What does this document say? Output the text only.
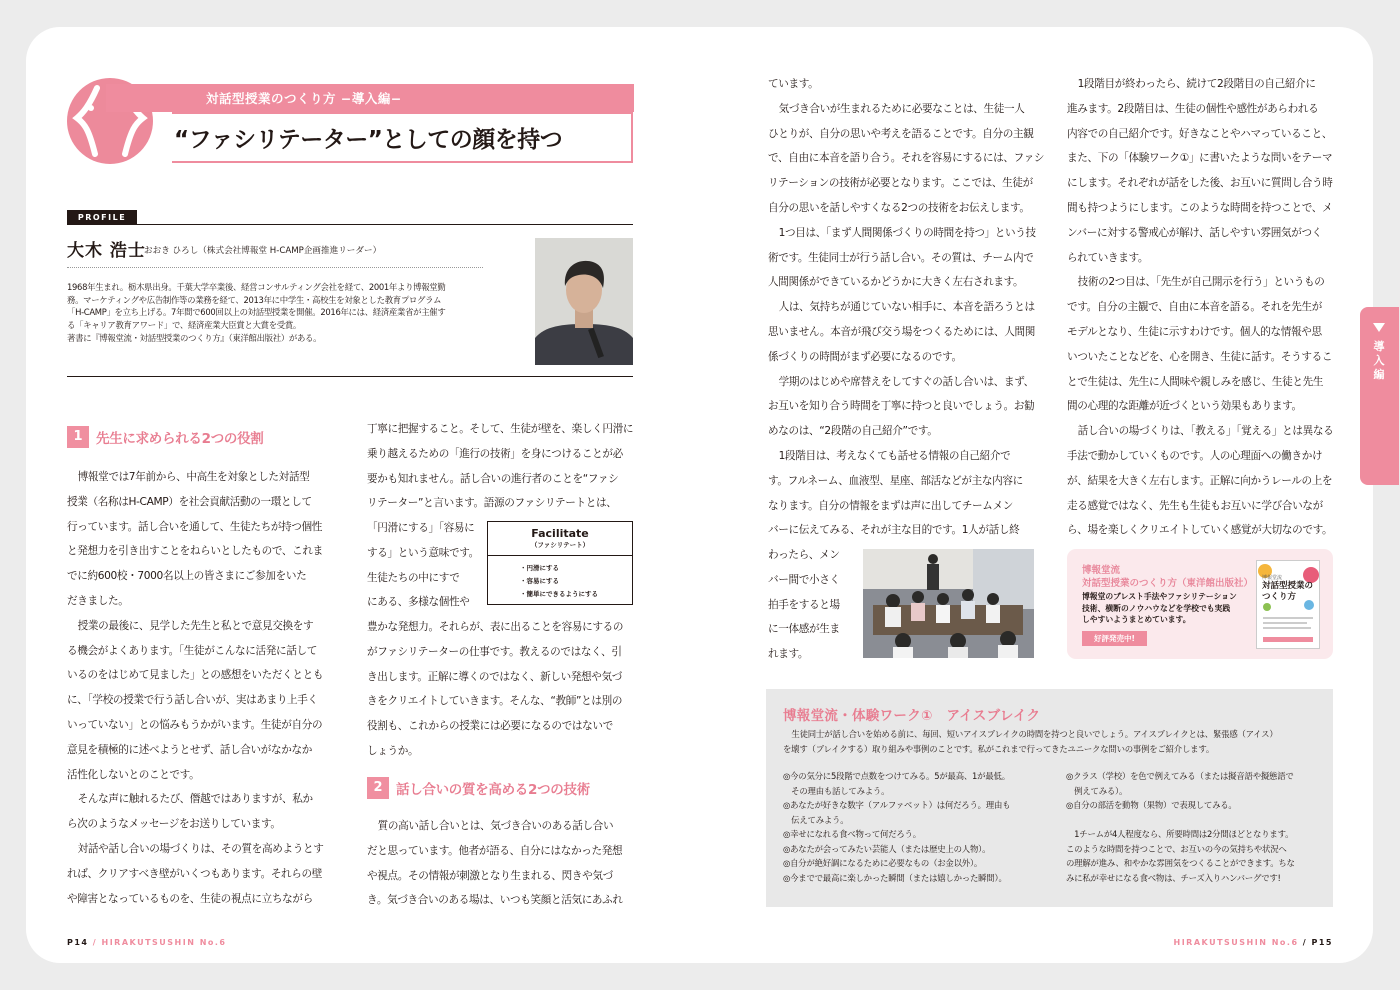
対話型授業のつくり方 −導入編−
“ファシリテーター”としての顔を持つ
PROFILE
大木 浩士
おおき ひろし（株式会社博報堂 H-CAMP企画推進リーダー）
1968年生まれ。栃木県出身。千葉大学卒業後、経営コンサルティング会社を経て、2001年より博報堂勤
務。マーケティングや広告制作等の業務を経て、2013年に中学生・高校生を対象とした教育プログラム
「H-CAMP」を立ち上げる。7年間で600回以上の対話型授業を開催。2016年には、経済産業省が主催す
る「キャリア教育アワード」で、経済産業大臣賞と大賞を受賞。
著書に『博報堂流・対話型授業のつくり方』（東洋館出版社）がある。
1 先生に求められる2つの役割

博報堂では7年前から、中高生を対象とした対話型

授業（名称はH-CAMP）を社会貢献活動の一環として

行っています。話し合いを通して、生徒たちが持つ個性

と発想力を引き出すことをねらいとしたもので、これま

でに約600校・7000名以上の皆さまにご参加をいた

だきました。

授業の最後に、見学した先生と私とで意見交換をす

る機会がよくあります。「生徒がこんなに活発に話して

いるのをはじめて見ました」との感想をいただくととも

に、「学校の授業で行う話し合いが、実はあまり上手く

いっていない」との悩みもうかがいます。生徒が自分の

意見を積極的に述べようとせず、話し合いがなかなか

活性化しないとのことです。

そんな声に触れるたび、僭越ではありますが、私か

ら次のようなメッセージをお送りしています。

対話や話し合いの場づくりは、その質を高めようとす

れば、クリアすべき壁がいくつもあります。それらの壁

や障害となっているものを、生徒の視点に立ちながら

丁寧に把握すること。そして、生徒が壁を、楽しく円滑に

乗り越えるための「進行の技術」を身につけることが必

要かも知れません。話し合いの進行者のことを“ファシ

リテーター”と言います。語源のファシリテートとは、

「円滑にする」「容易に

する」という意味です。

生徒たちの中にすで

にある、多様な個性や

Facilitate
（ファシリテート）
・円滑にする
・容易にする
・簡単にできるようにする

豊かな発想力。それらが、表に出ることを容易にするの

がファシリテーターの仕事です。教えるのではなく、引

き出します。正解に導くのではなく、新しい発想や気づ

きをクリエイトしていきます。そんな、“教師”とは別の

役割も、これからの授業には必要になるのではないで

しょうか。

2 話し合いの質を高める2つの技術

質の高い話し合いとは、気づき合いのある話し合い

だと思っています。他者が語る、自分にはなかった発想

や視点。その情報が刺激となり生まれる、閃きや気づ

き。気づき合いのある場は、いつも笑顔と活気にあふれ

ています。

気づき合いが生まれるために必要なことは、生徒一人

ひとりが、自分の思いや考えを語ることです。自分の主観

で、自由に本音を語り合う。それを容易にするには、ファシ

リテーションの技術が必要となります。ここでは、生徒が

自分の思いを話しやすくなる2つの技術をお伝えします。

1つ目は、「まず人間関係づくりの時間を持つ」という技

術です。生徒同士が行う話し合い。その質は、チーム内で

人間関係ができているかどうかに大きく左右されます。

人は、気持ちが通じていない相手に、本音を語ろうとは

思いません。本音が飛び交う場をつくるためには、人間関

係づくりの時間がまず必要になるのです。

学期のはじめや席替えをしてすぐの話し合いは、まず、

お互いを知り合う時間を丁寧に持つと良いでしょう。お勧

めなのは、“2段階の自己紹介”です。

1段階目は、考えなくても話せる情報の自己紹介で

す。フルネーム、血液型、星座、部活などが主な内容に

なります。自分の情報をまずは声に出してチームメン

バーに伝えてみる、それが主な目的です。1人が話し終

わったら、メン

バー間で小さく

拍手をすると場

に一体感が生ま

れます。

1段階目が終わったら、続けて2段階目の自己紹介に

進みます。2段階目は、生徒の個性や感性があらわれる

内容での自己紹介です。好きなことやハマっていること、

また、下の「体験ワーク①」に書いたような問いをテーマ

にします。それぞれが話をした後、お互いに質問し合う時

間も持つようにします。このような時間を持つことで、メ

ンバーに対する警戒心が解け、話しやすい雰囲気がつく

られていきます。

技術の2つ目は、「先生が自己開示を行う」というもの

です。自分の主観で、自由に本音を語る。それを先生が

モデルとなり、生徒に示すわけです。個人的な情報や思

いついたことなどを、心を開き、生徒に話す。そうするこ

とで生徒は、先生に人間味や親しみを感じ、生徒と先生

間の心理的な距離が近づくという効果もあります。

話し合いの場づくりは、「教える」「覚える」とは異なる

手法で動かしていくものです。人の心理面への働きかけ

が、結果を大きく左右します。正解に向かうレールの上を

走る感覚ではなく、先生も生徒もお互いに学び合いなが

ら、場を楽しくクリエイトしていく感覚が大切なのです。

博報堂流
対話型授業のつくり方（東洋館出版社）
博報堂のブレスト手法やファシリテーション
技術、横断のノウハウなどを学校でも実践
しやすいようまとめています。
好評発売中!
博報堂流
対話型授業のつくり方
博報堂流・体験ワーク①　アイスブレイク
生徒同士が話し合いを始める前に、毎回、短いアイスブレイクの時間を持つと良いでしょう。アイスブレイクとは、緊張感（アイス）
を壊す（ブレイクする）取り組みや事例のことです。私がこれまで行ってきたユニークな問いの事例をご紹介します。
◎今の気分に5段階で点数をつけてみる。5が最高、1が最低。
　その理由も話してみよう。
◎あなたが好きな数字（アルファベット）は何だろう。理由も
　伝えてみよう。
◎幸せになれる食べ物って何だろう。
◎あなたが会ってみたい芸能人（または歴史上の人物）。
◎自分が絶好調になるために必要なもの（お金以外）。
◎今までで最高に楽しかった瞬間（または嬉しかった瞬間）。
◎クラス（学校）を色で例えてみる（または擬音語や擬態語で
　例えてみる）。
◎自分の部活を動物（果物）で表現してみる。

　1チームが4人程度なら、所要時間は2分間ほどとなります。
このような時間を持つことで、お互いの今の気持ちや状況へ
の理解が進み、和やかな雰囲気をつくることができます。ちな
みに私が幸せになる食べ物は、チーズ入りハンバーグです!
導入編
P14 / HIRAKUTSUSHIN No.6	HIRAKUTSUSHIN No.6 / P15
